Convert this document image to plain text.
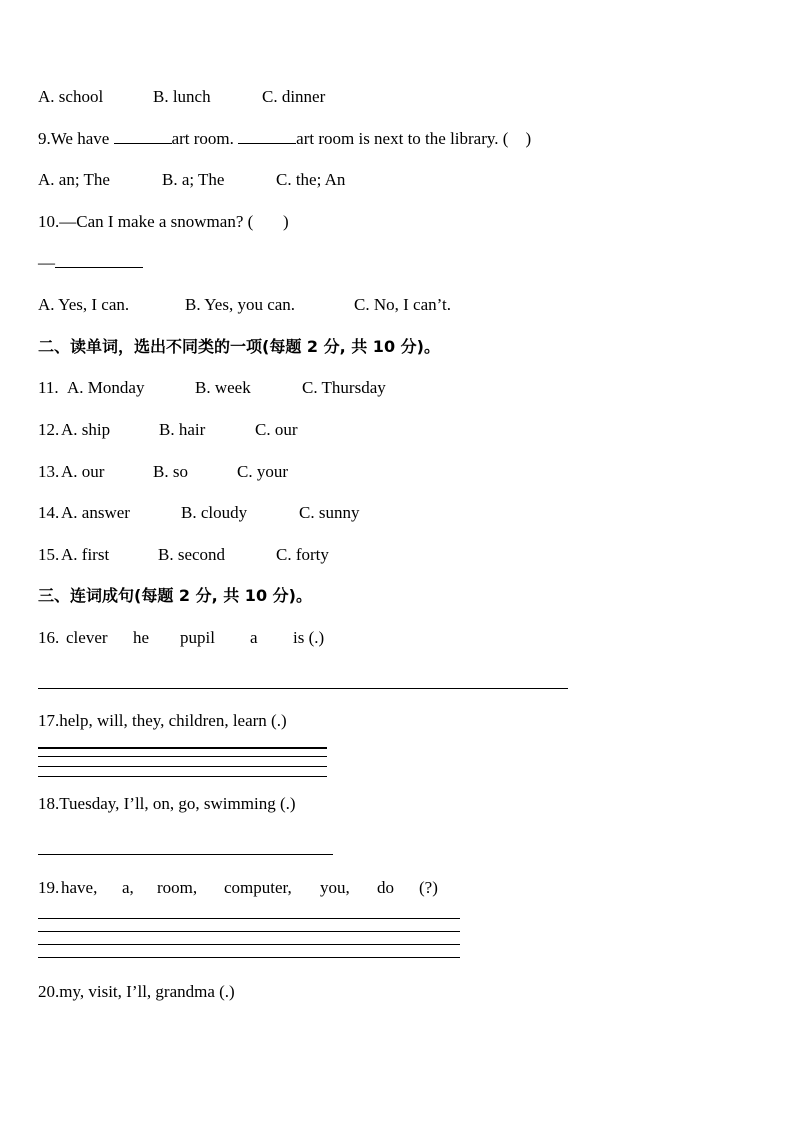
A. school	B. lunch	C. dinner
9.We have	art room.	art room is next to the library. (    )
A. an; The	B. a; The	C. the; An
10.—Can I make a snowman? (       )
—
A. Yes, I can.	B. Yes, you can.	C. No, I can’t.
二、读单词，选出不同类的一项(每题 2 分, 共 10 分)。
11. A. Monday	B. week	C. Thursday
12. A. ship	B. hair	C. our
13. A. our	B. so	C. your
14. A. answer	B. cloudy	C. sunny
15. A. first	B. second	C. forty
三、连词成句(每题 2 分, 共 10 分)。
16. clever he pupil a is (.)
17.help, will, they, children, learn (.)
18.Tuesday, I’ll, on, go, swimming (.)
19. have, a, room, computer, you, do (?)
20.my, visit, I’ll, grandma (.)
